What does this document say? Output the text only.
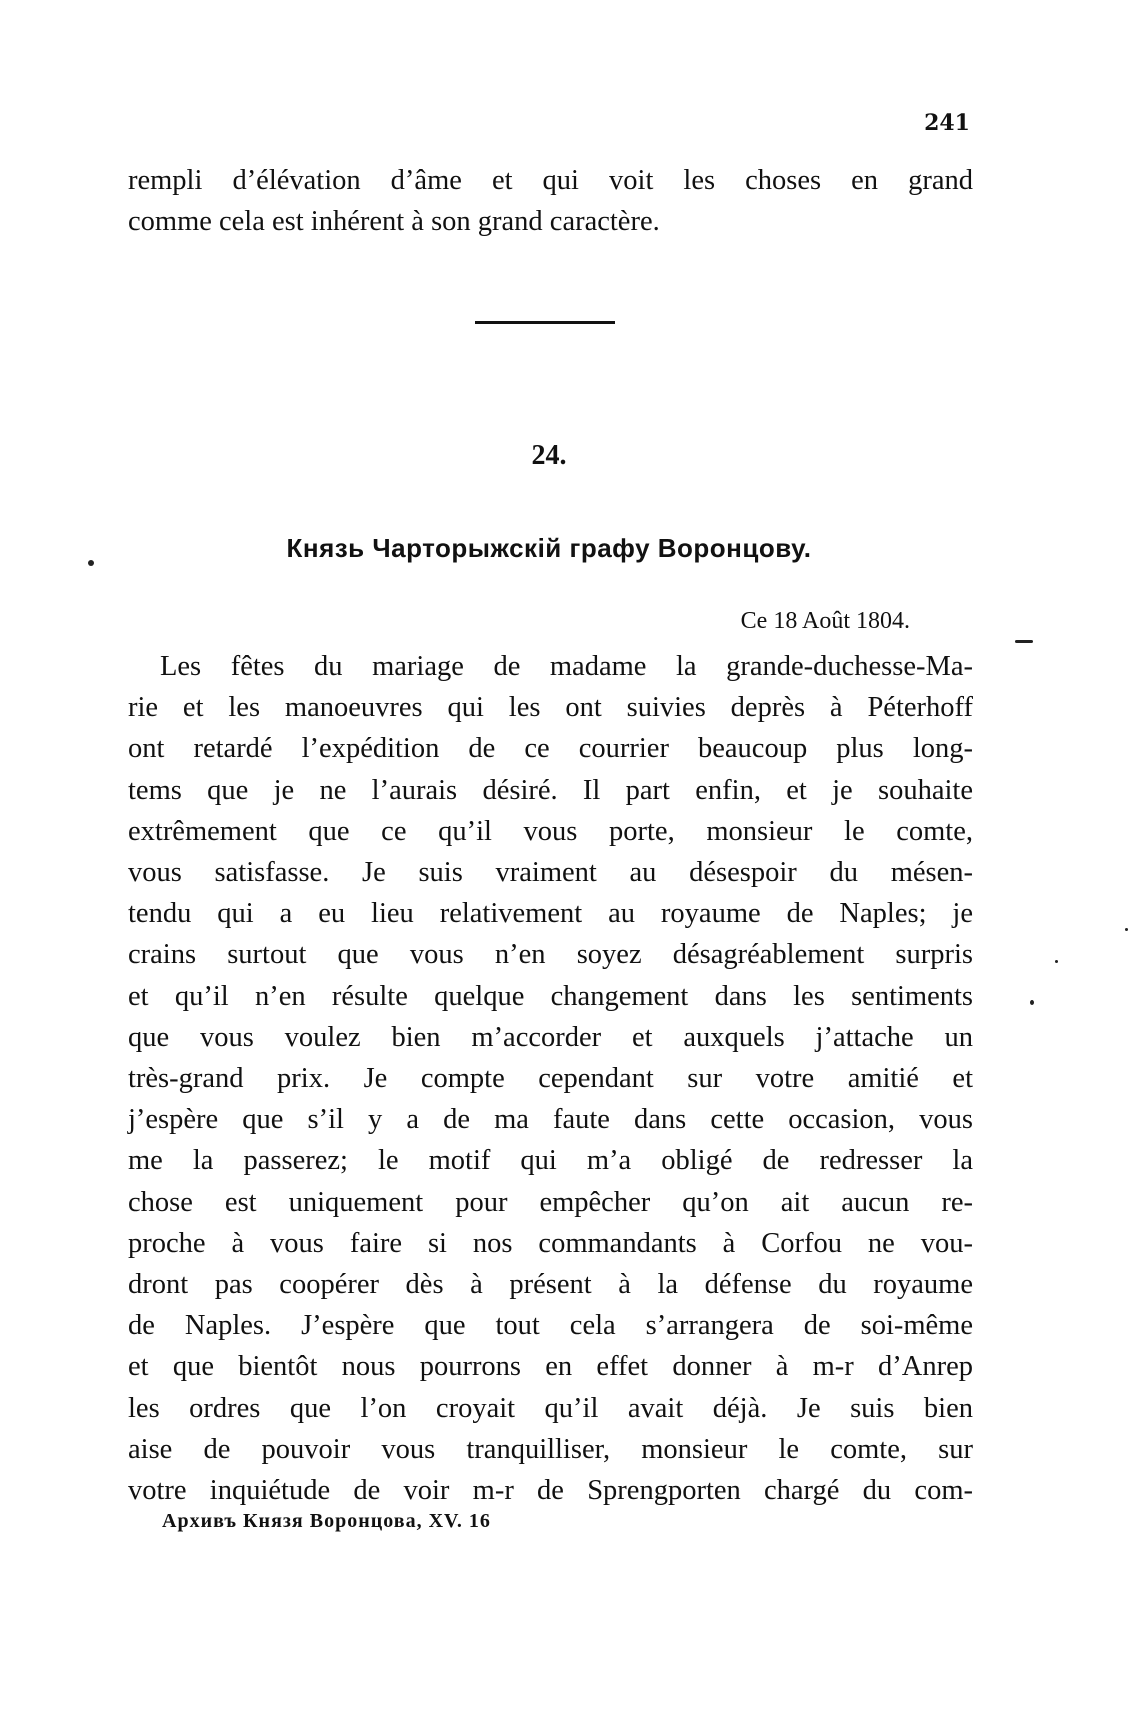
241
rempli d’élévation d’âme et qui voit les choses en grand
comme cela est inhérent à son grand caractère.
24.
Князь Чарторыжскій графу Воронцову.
Ce 18 Août 1804.
Les fêtes du mariage de madame la grande-duchesse-Ma-
rie et les manoeuvres qui les ont suivies deprès à Péterhoff
ont retardé l’expédition de ce courrier beaucoup plus long-
tems que je ne l’aurais désiré. Il part enfin, et je souhaite
extrêmement que ce qu’il vous porte, monsieur le comte,
vous satisfasse. Je suis vraiment au désespoir du mésen-
tendu qui a eu lieu relativement au royaume de Naples; je
crains surtout que vous n’en soyez désagréablement surpris
et qu’il n’en résulte quelque changement dans les sentiments
que vous voulez bien m’accorder et auxquels j’attache un
très-grand prix. Je compte cependant sur votre amitié et
j’espère que s’il y a de ma faute dans cette occasion, vous
me la passerez; le motif qui m’a obligé de redresser la
chose est uniquement pour empêcher qu’on ait aucun re-
proche à vous faire si nos commandants à Corfou ne vou-
dront pas coopérer dès à présent à la défense du royaume
de Naples. J’espère que tout cela s’arrangera de soi-même
et que bientôt nous pourrons en effet donner à m-r d’Anrep
les ordres que l’on croyait qu’il avait déjà. Je suis bien
aise de pouvoir vous tranquilliser, monsieur le comte, sur
votre inquiétude de voir m-r de Sprengporten chargé du com-
Архивъ Князя Воронцова, XV. 16
